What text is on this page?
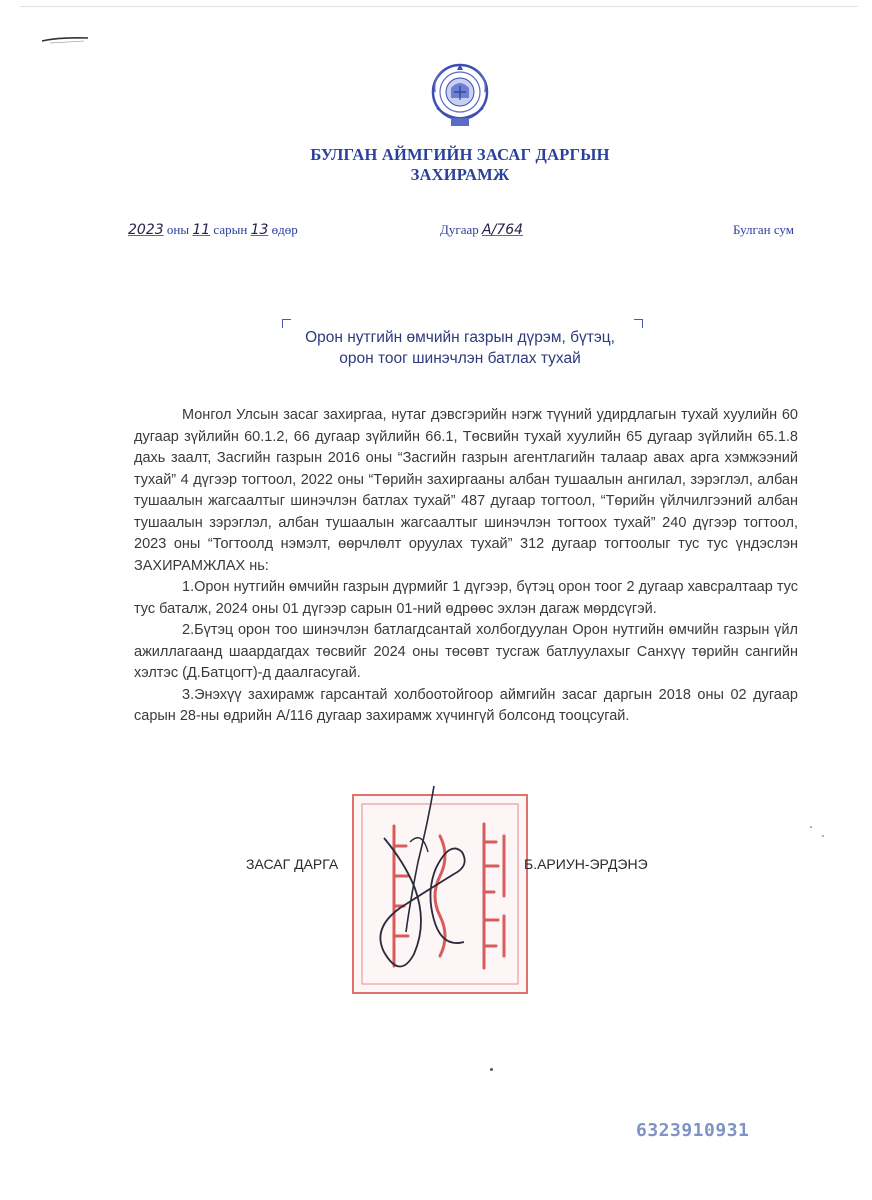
БУЛГАН АЙМГИЙН ЗАСАГ ДАРГЫН
ЗАХИРАМЖ
2023 оны 11 сарын 13 өдөр	Дугаар А/764	Булган сум
Орон нутгийн өмчийн газрын дүрэм, бүтэц,
орон тоог шинэчлэн батлах тухай

Монгол Улсын засаг захиргаа, нутаг дэвсгэрийн нэгж түүний удирдлагын тухай хуулийн 60 дугаар зүйлийн 60.1.2, 66 дугаар зүйлийн 66.1, Төсвийн тухай хуулийн 65 дугаар зүйлийн 65.1.8 дахь заалт, Засгийн газрын 2016 оны “Засгийн газрын агентлагийн талаар авах арга хэмжээний тухай” 4 дүгээр тогтоол, 2022 оны “Төрийн захиргааны албан тушаалын ангилал, зэрэглэл, албан тушаалын жагсаалтыг шинэчлэн батлах тухай” 487 дугаар тогтоол, “Төрийн үйлчилгээний албан тушаалын зэрэглэл, албан тушаалын жагсаалтыг шинэчлэн тогтоох тухай” 240 дүгээр тогтоол, 2023 оны “Тогтоолд нэмэлт, өөрчлөлт оруулах тухай” 312 дугаар тогтоолыг тус тус үндэслэн ЗАХИРАМЖЛАХ нь:

1.Орон нутгийн өмчийн газрын дүрмийг 1 дүгээр, бүтэц орон тоог 2 дугаар хавсралтаар тус тус баталж, 2024 оны 01 дүгээр сарын 01-ний өдрөөс эхлэн дагаж мөрдсүгэй.

2.Бүтэц орон тоо шинэчлэн батлагдсантай холбогдуулан Орон нутгийн өмчийн газрын үйл ажиллагаанд шаардагдах төсвийг 2024 оны төсөвт тусгаж батлуулахыг Санхүү төрийн сангийн хэлтэс (Д.Батцогт)-д даалгасугай.

3.Энэхүү захирамж гарсантай холбоотойгоор аймгийн засаг даргын 2018 оны 02 дугаар сарын 28-ны өдрийн А/116 дугаар захирамж хүчингүй болсонд тооцсугай.

ЗАСАГ ДАРГА	Б.АРИУН-ЭРДЭНЭ
6323910931
